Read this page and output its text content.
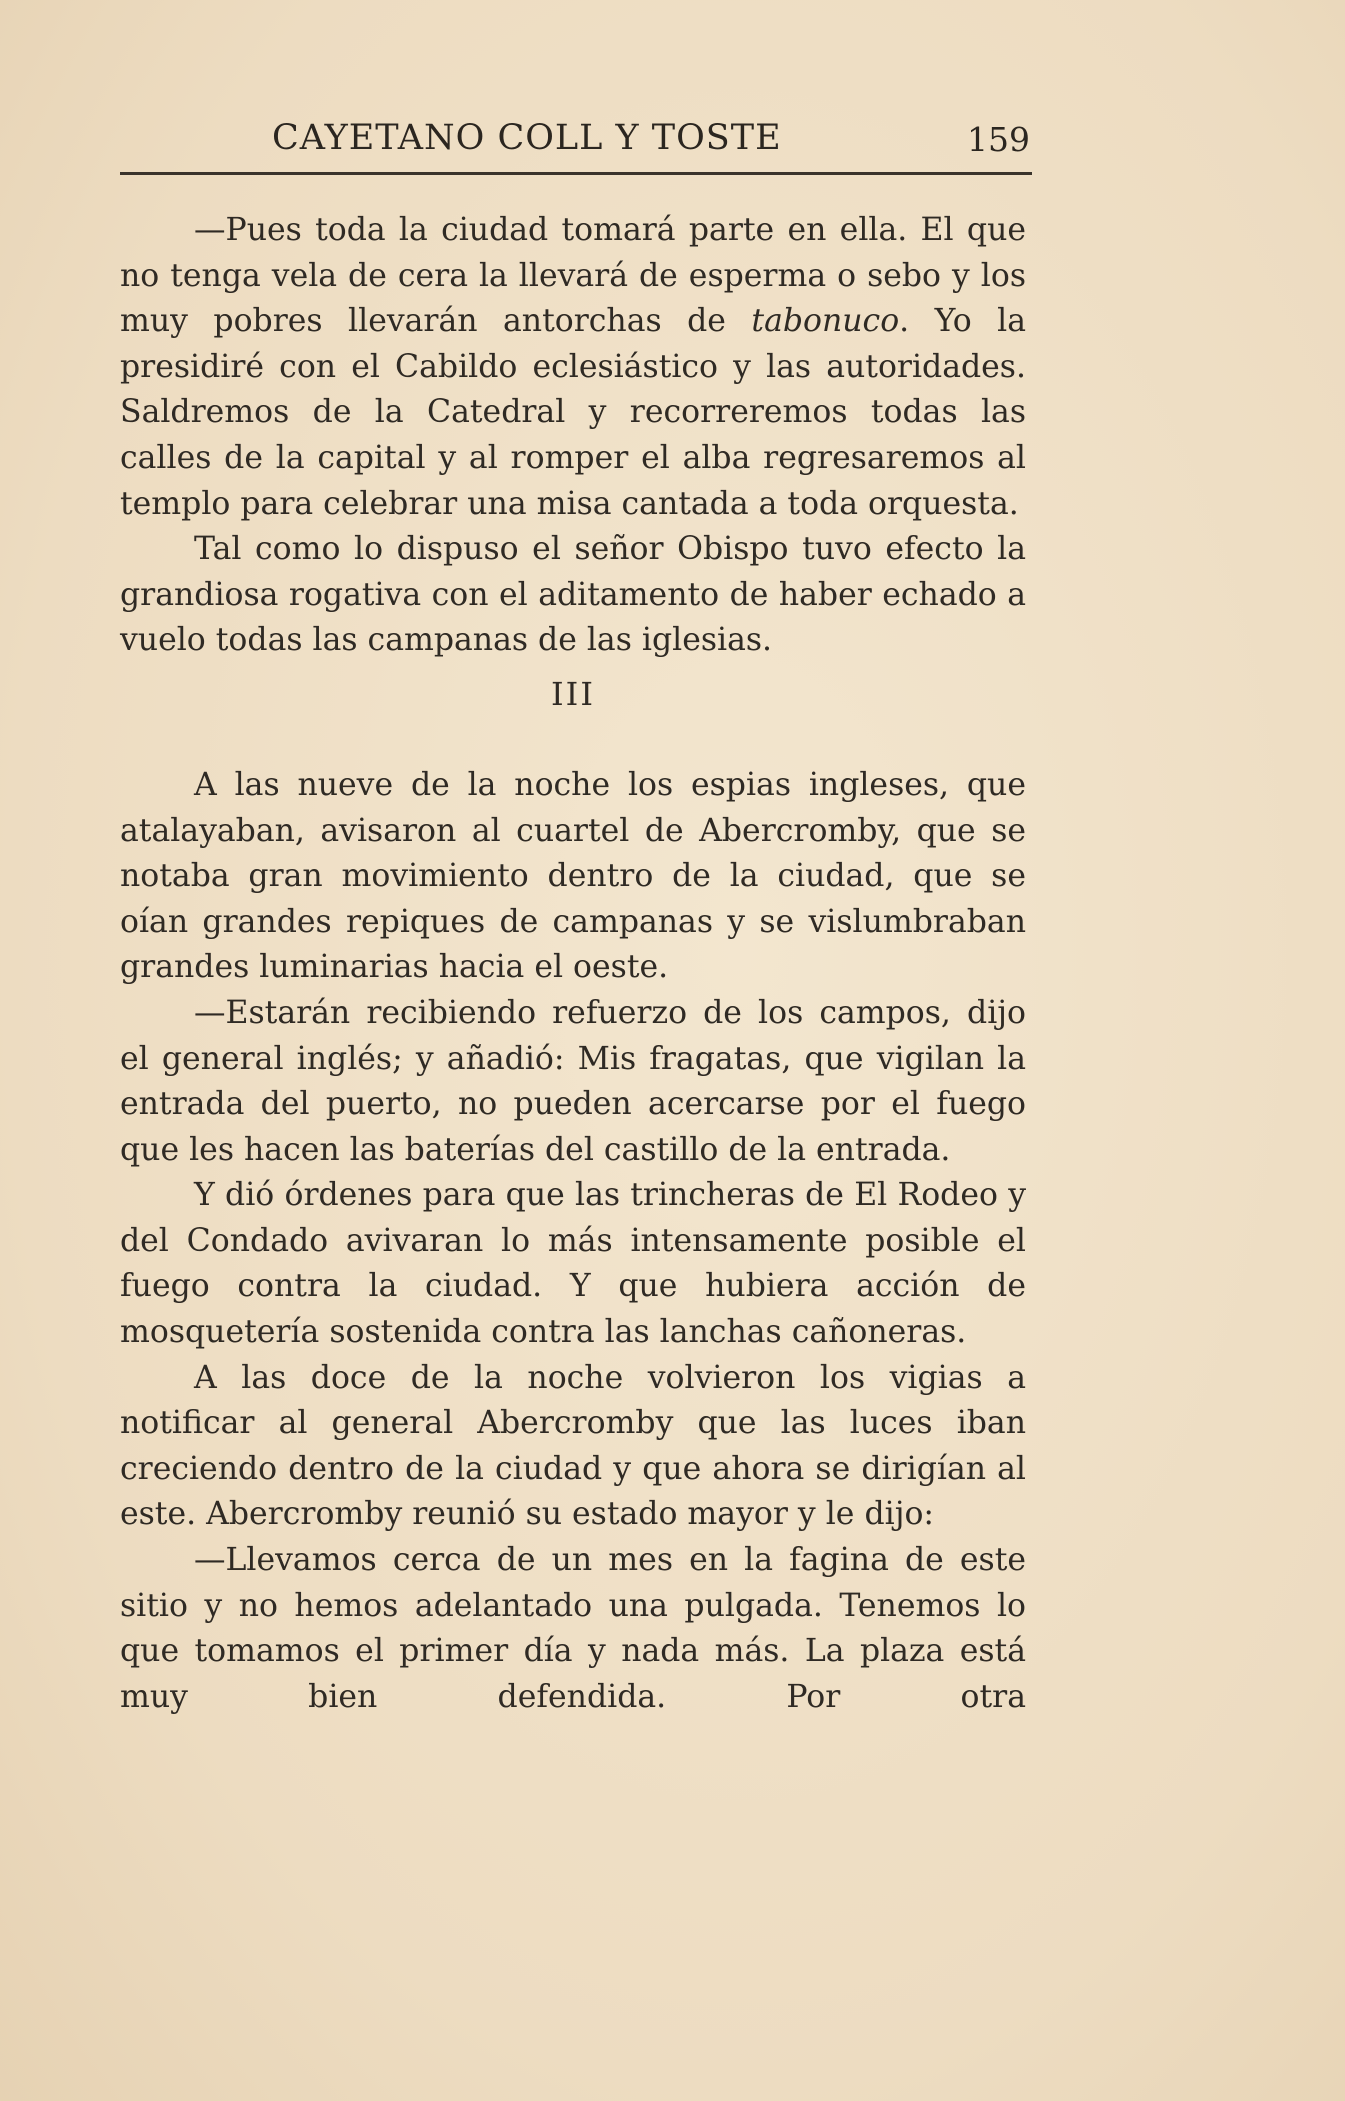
CAYETANO COLL Y TOSTE	159

—Pues toda la ciudad tomará parte en ella. El que no tenga vela de cera la llevará de esperma o sebo y los muy pobres llevarán antorchas de tabonuco. Yo la presidiré con el Cabildo eclesiástico y las autoridades. Saldremos de la Catedral y recorreremos todas las calles de la capital y al romper el alba regresaremos al templo para celebrar una misa cantada a toda orquesta.

Tal como lo dispuso el señor Obispo tuvo efecto la grandiosa rogativa con el aditamento de haber echado a vuelo todas las campanas de las iglesias.

III

A las nueve de la noche los espias ingleses, que atalayaban, avisaron al cuartel de Abercromby, que se notaba gran movimiento dentro de la ciudad, que se oían grandes repiques de campanas y se vislumbraban grandes luminarias hacia el oeste.

—Estarán recibiendo refuerzo de los campos, dijo el general inglés; y añadió: Mis fragatas, que vigilan la entrada del puerto, no pueden acercarse por el fuego que les hacen las baterías del castillo de la entrada.

Y dió órdenes para que las trincheras de El Rodeo y del Condado avivaran lo más intensamente posible el fuego contra la ciudad. Y que hubiera acción de mosquetería sostenida contra las lanchas cañoneras.

A las doce de la noche volvieron los vigias a notificar al general Abercromby que las luces iban creciendo dentro de la ciudad y que ahora se dirigían al este. Abercromby reunió su estado mayor y le dijo:

—Llevamos cerca de un mes en la fagina de este sitio y no hemos adelantado una pulgada. Tenemos lo que tomamos el primer día y nada más. La plaza está muy bien defendida. Por otra
